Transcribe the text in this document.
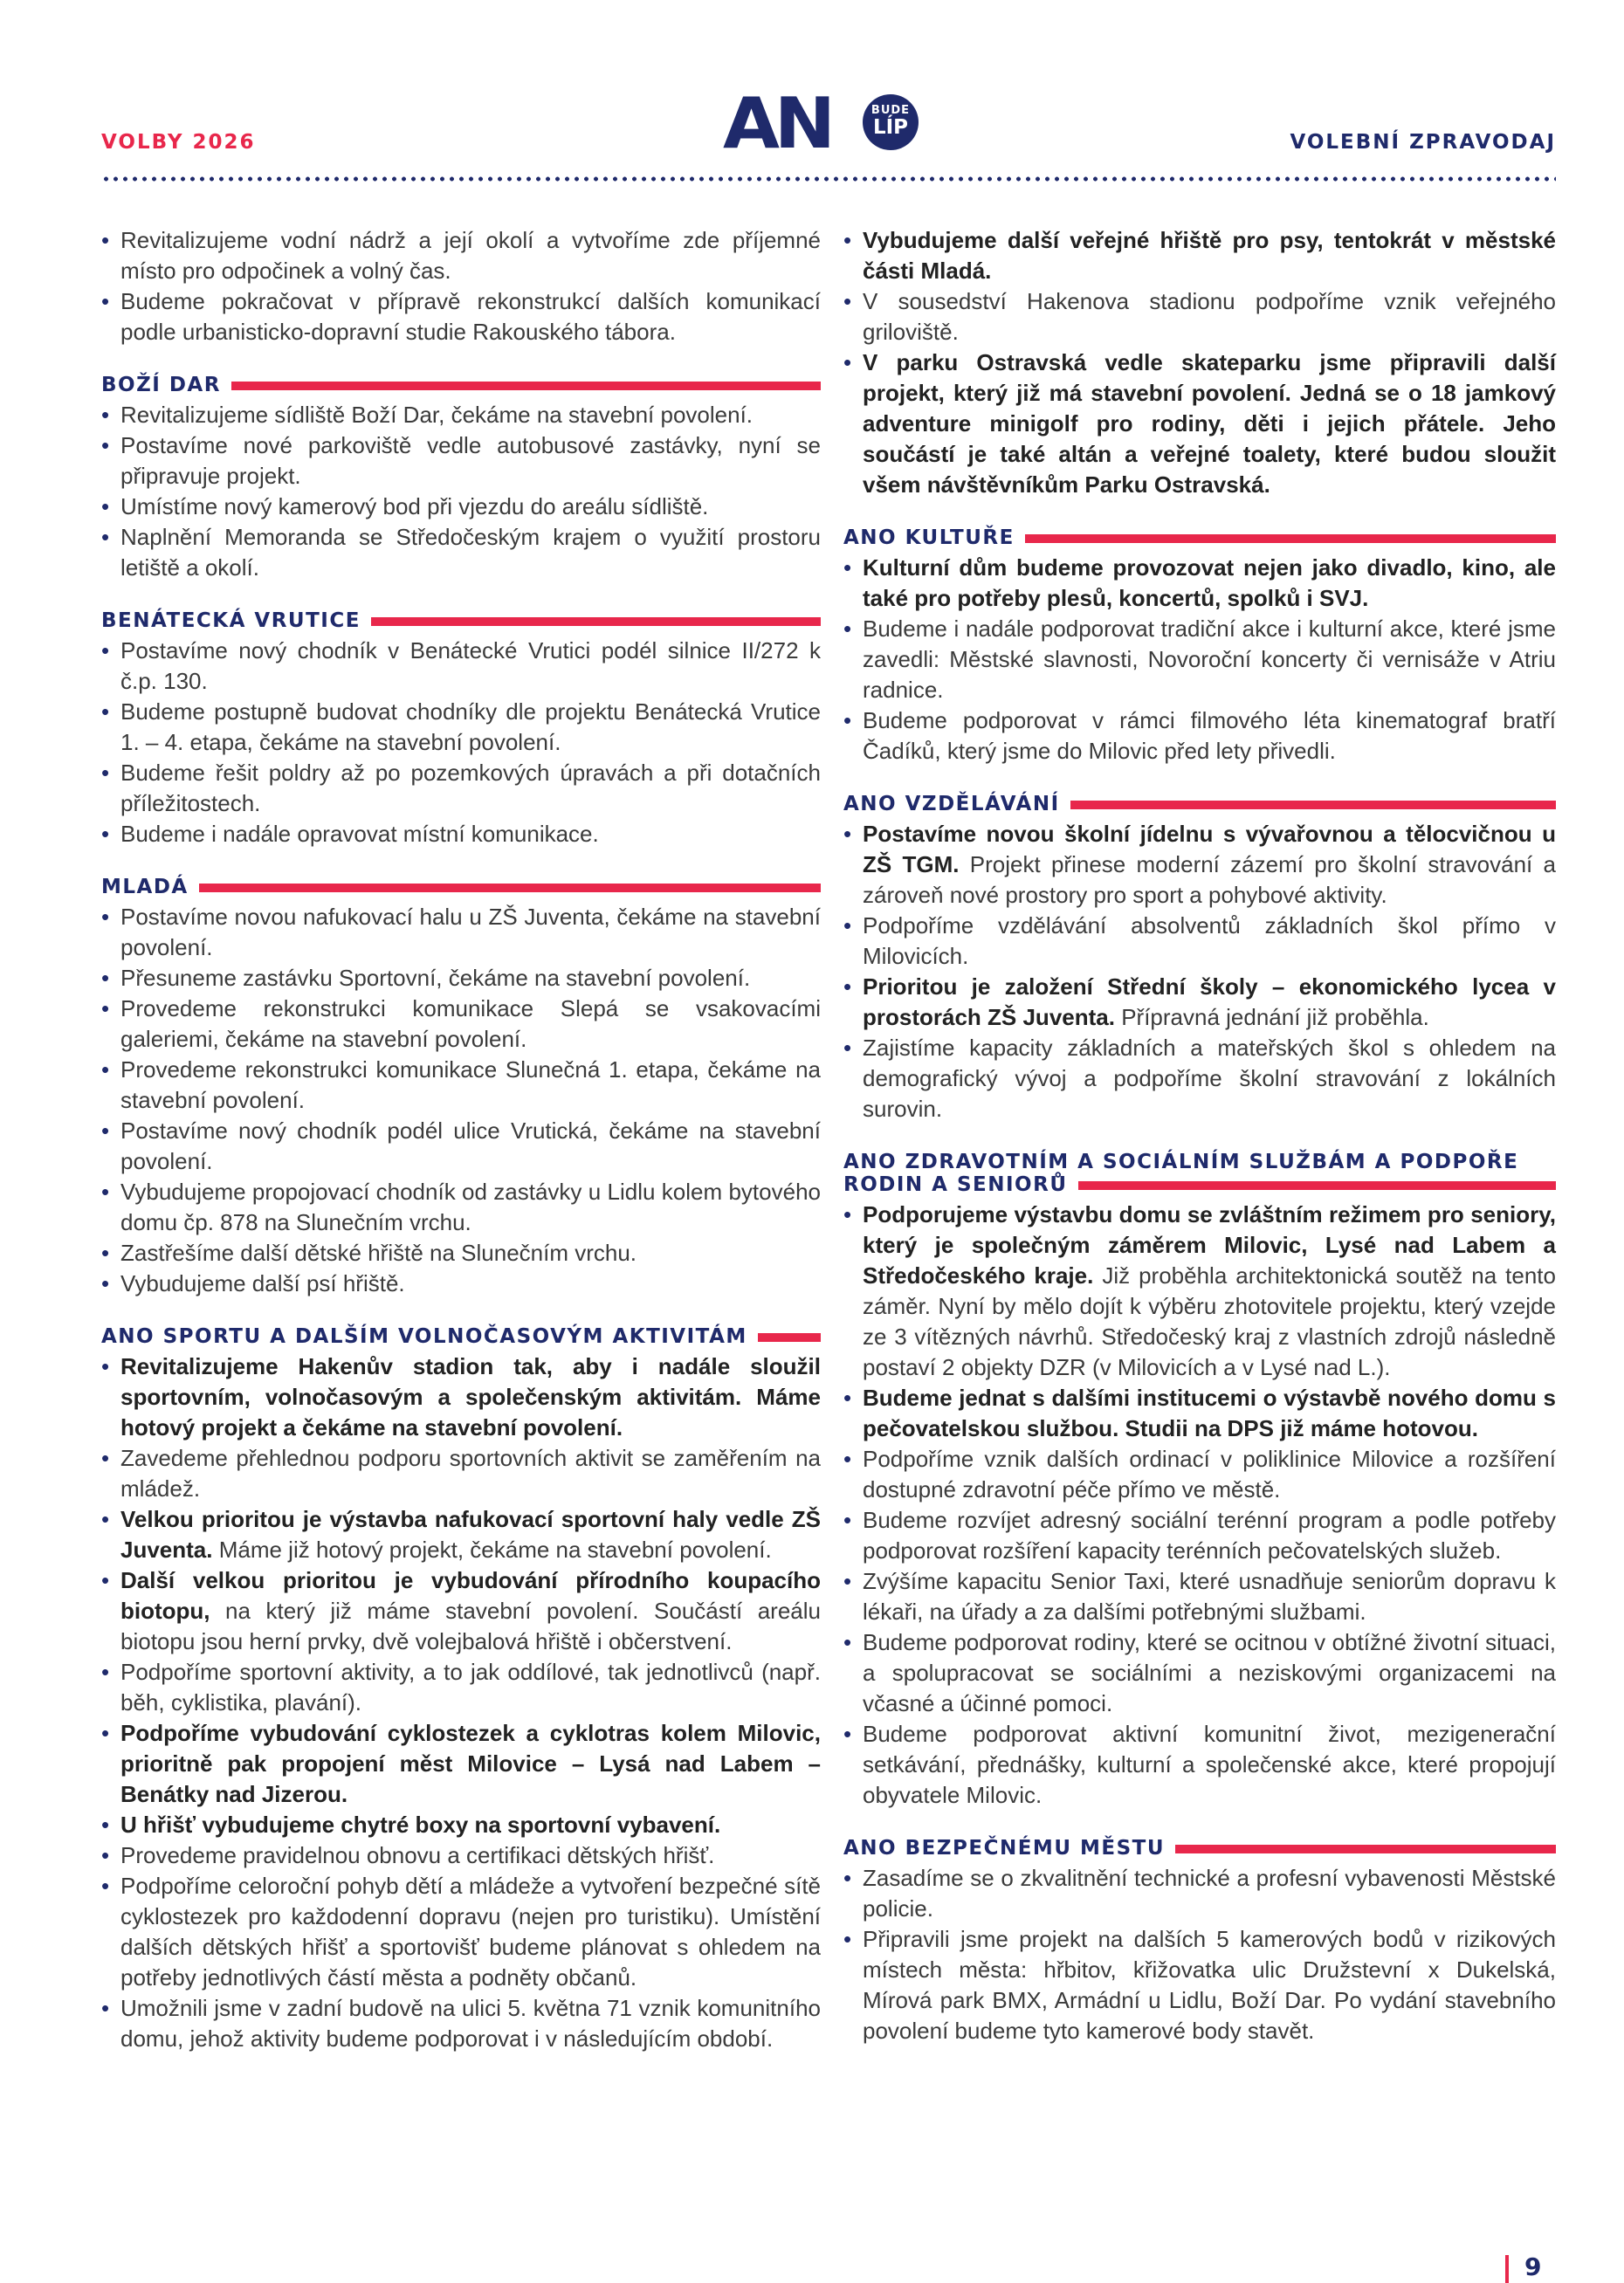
VOLBY 2026	AN	BUDE
LÍP
VOLEBNÍ ZPRAVODAJ
• Revitalizujeme vodní nádrž a její okolí a vytvoříme zde příjemné místo pro odpočinek a volný čas.
• Budeme pokračovat v přípravě rekonstrukcí dalších komunikací podle urbanisticko-dopravní studie Rakouského tábora.
BOŽÍ DAR
• Revitalizujeme sídliště Boží Dar, čekáme na stavební povolení.
• Postavíme nové parkoviště vedle autobusové zastávky, nyní se připravuje projekt.
• Umístíme nový kamerový bod při vjezdu do areálu sídliště.
• Naplnění Memoranda se Středočeským krajem o využití prostoru letiště a okolí.
BENÁTECKÁ VRUTICE
• Postavíme nový chodník v Benátecké Vrutici podél silnice II/272 k č.p. 130.
• Budeme postupně budovat chodníky dle projektu Benátecká Vrutice 1. – 4. etapa, čekáme na stavební povolení.
• Budeme řešit poldry až po pozemkových úpravách a při dotačních příležitostech.
• Budeme i nadále opravovat místní komunikace.
MLADÁ
• Postavíme novou nafukovací halu u ZŠ Juventa, čekáme na stavební povolení.
• Přesuneme zastávku Sportovní, čekáme na stavební povolení.
• Provedeme rekonstrukci komunikace Slepá se vsakovacími galeriemi, čekáme na stavební povolení.
• Provedeme rekonstrukci komunikace Slunečná 1. etapa, čekáme na stavební povolení.
• Postavíme nový chodník podél ulice Vrutická, čekáme na stavební povolení.
• Vybudujeme propojovací chodník od zastávky u Lidlu kolem bytového domu čp. 878 na Slunečním vrchu.
• Zastřešíme další dětské hřiště na Slunečním vrchu.
• Vybudujeme další psí hřiště.
ANO SPORTU A DALŠÍM VOLNOČASOVÝM AKTIVITÁM
• Revitalizujeme Hakenův stadion tak, aby i nadále sloužil sportovním, volnočasovým a společenským aktivitám. Máme hotový projekt a čekáme na stavební povolení.
• Zavedeme přehlednou podporu sportovních aktivit se zaměřením na mládež.
• Velkou prioritou je výstavba nafukovací sportovní haly vedle ZŠ Juventa. Máme již hotový projekt, čekáme na stavební povolení.
• Další velkou prioritou je vybudování přírodního koupacího biotopu, na který již máme stavební povolení. Součástí areálu biotopu jsou herní prvky, dvě volejbalová hřiště i občerstvení.
• Podpoříme sportovní aktivity, a to jak oddílové, tak jednotlivců (např. běh, cyklistika, plavání).
• Podpoříme vybudování cyklostezek a cyklotras kolem Milovic, prioritně pak propojení měst Milovice – Lysá nad Labem – Benátky nad Jizerou.
• U hřišť vybudujeme chytré boxy na sportovní vybavení.
• Provedeme pravidelnou obnovu a certifikaci dětských hřišť.
• Podpoříme celoroční pohyb dětí a mládeže a vytvoření bezpečné sítě cyklostezek pro každodenní dopravu (nejen pro turistiku). Umístění dalších dětských hřišť a sportovišť budeme plánovat s ohledem na potřeby jednotlivých částí města a podněty občanů.
• Umožnili jsme v zadní budově na ulici 5. května 71 vznik komunitního domu, jehož aktivity budeme podporovat i v následujícím období.
• Vybudujeme další veřejné hřiště pro psy, tentokrát v městské části Mladá.
• V sousedství Hakenova stadionu podpoříme vznik veřejného griloviště.
• V parku Ostravská vedle skateparku jsme připravili další projekt, který již má stavební povolení. Jedná se o 18 jamkový adventure minigolf pro rodiny, děti i jejich přátele. Jeho součástí je také altán a veřejné toalety, které budou sloužit všem návštěvníkům Parku Ostravská.
ANO KULTUŘE
• Kulturní dům budeme provozovat nejen jako divadlo, kino, ale také pro potřeby plesů, koncertů, spolků i SVJ.
• Budeme i nadále podporovat tradiční akce i kulturní akce, které jsme zavedli: Městské slavnosti, Novoroční koncerty či vernisáže v Atriu radnice.
• Budeme podporovat v rámci filmového léta kinematograf bratří Čadíků, který jsme do Milovic před lety přivedli.
ANO VZDĚLÁVÁNÍ
• Postavíme novou školní jídelnu s vývařovnou a tělocvičnou u ZŠ TGM. Projekt přinese moderní zázemí pro školní stravování a zároveň nové prostory pro sport a pohybové aktivity.
• Podpoříme vzdělávání absolventů základních škol přímo v Milovicích.
• Prioritou je založení Střední školy – ekonomického lycea v prostorách ZŠ Juventa. Přípravná jednání již proběhla.
• Zajistíme kapacity základních a mateřských škol s ohledem na demografický vývoj a podpoříme školní stravování z lokálních surovin.
ANO ZDRAVOTNÍM A SOCIÁLNÍM SLUŽBÁM A PODPOŘE
RODIN A SENIORŮ
• Podporujeme výstavbu domu se zvláštním režimem pro seniory, který je společným záměrem Milovic, Lysé nad Labem a Středočeského kraje. Již proběhla architektonická soutěž na tento záměr. Nyní by mělo dojít k výběru zhotovitele projektu, který vzejde ze 3 vítězných návrhů. Středočeský kraj z vlastních zdrojů následně postaví 2 objekty DZR (v Milovicích a v Lysé nad L.).
• Budeme jednat s dalšími institucemi o výstavbě nového domu s pečovatelskou službou. Studii na DPS již máme hotovou.
• Podpoříme vznik dalších ordinací v poliklinice Milovice a rozšíření dostupné zdravotní péče přímo ve městě.
• Budeme rozvíjet adresný sociální terénní program a podle potřeby podporovat rozšíření kapacity terénních pečovatelských služeb.
• Zvýšíme kapacitu Senior Taxi, které usnadňuje seniorům dopravu k lékaři, na úřady a za dalšími potřebnými službami.
• Budeme podporovat rodiny, které se ocitnou v obtížné životní situaci, a spolupracovat se sociálními a neziskovými organizacemi na včasné a účinné pomoci.
• Budeme podporovat aktivní komunitní život, mezigenerační setkávání, přednášky, kulturní a společenské akce, které propojují obyvatele Milovic.
ANO BEZPEČNÉMU MĚSTU
• Zasadíme se o zkvalitnění technické a profesní vybavenosti Městské policie.
• Připravili jsme projekt na dalších 5 kamerových bodů v rizikových místech města: hřbitov, křižovatka ulic Družstevní x Dukelská, Mírová park BMX, Armádní u Lidlu, Boží Dar. Po vydání stavebního povolení budeme tyto kamerové body stavět.
9
